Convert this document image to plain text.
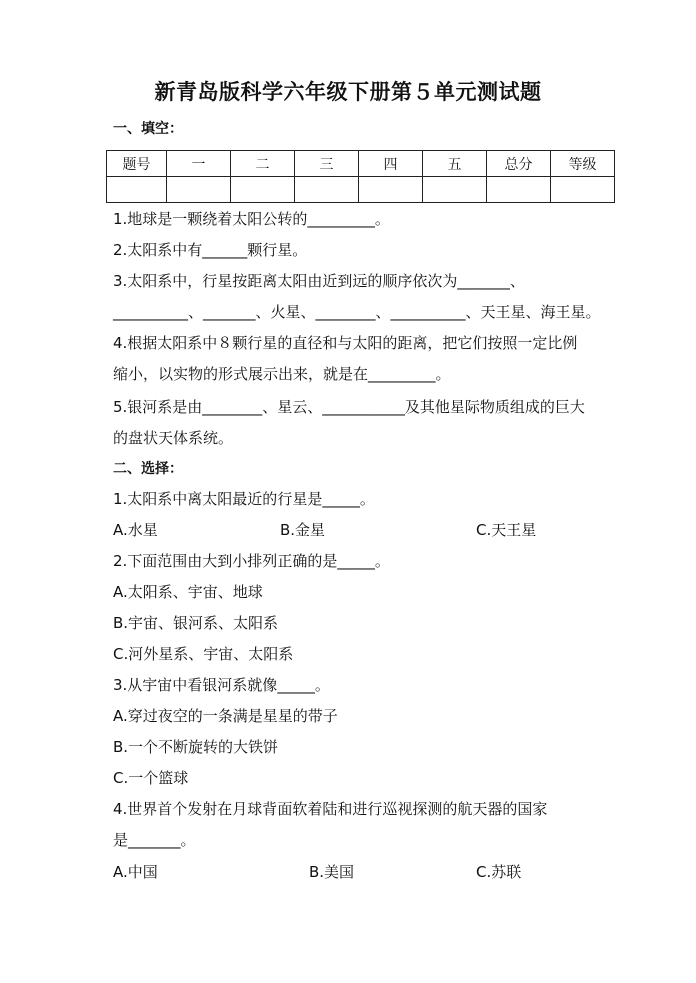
新青岛版科学六年级下册第５单元测试题
一、填空：
题号	一	二	三	四	五	总分	等级

1.地球是一颗绕着太阳公转的_________。
2.太阳系中有______颗行星。
3.太阳系中，行星按距离太阳由近到远的顺序依次为_______、
__________、_______、火星、________、__________、天王星、海王星。
4.根据太阳系中８颗行星的直径和与太阳的距离，把它们按照一定比例
缩小，以实物的形式展示出来，就是在_________。
5.银河系是由________、星云、___________及其他星际物质组成的巨大
的盘状天体系统。
二、选择：
1.太阳系中离太阳最近的行星是_____。
A.水星	B.金星	C.天王星
2.下面范围由大到小排列正确的是_____。
A.太阳系、宇宙、地球
B.宇宙、银河系、太阳系
C.河外星系、宇宙、太阳系
3.从宇宙中看银河系就像_____。
A.穿过夜空的一条满是星星的带子
B.一个不断旋转的大铁饼
C.一个篮球
4.世界首个发射在月球背面软着陆和进行巡视探测的航天器的国家
是_______。
A.中国	B.美国	C.苏联
